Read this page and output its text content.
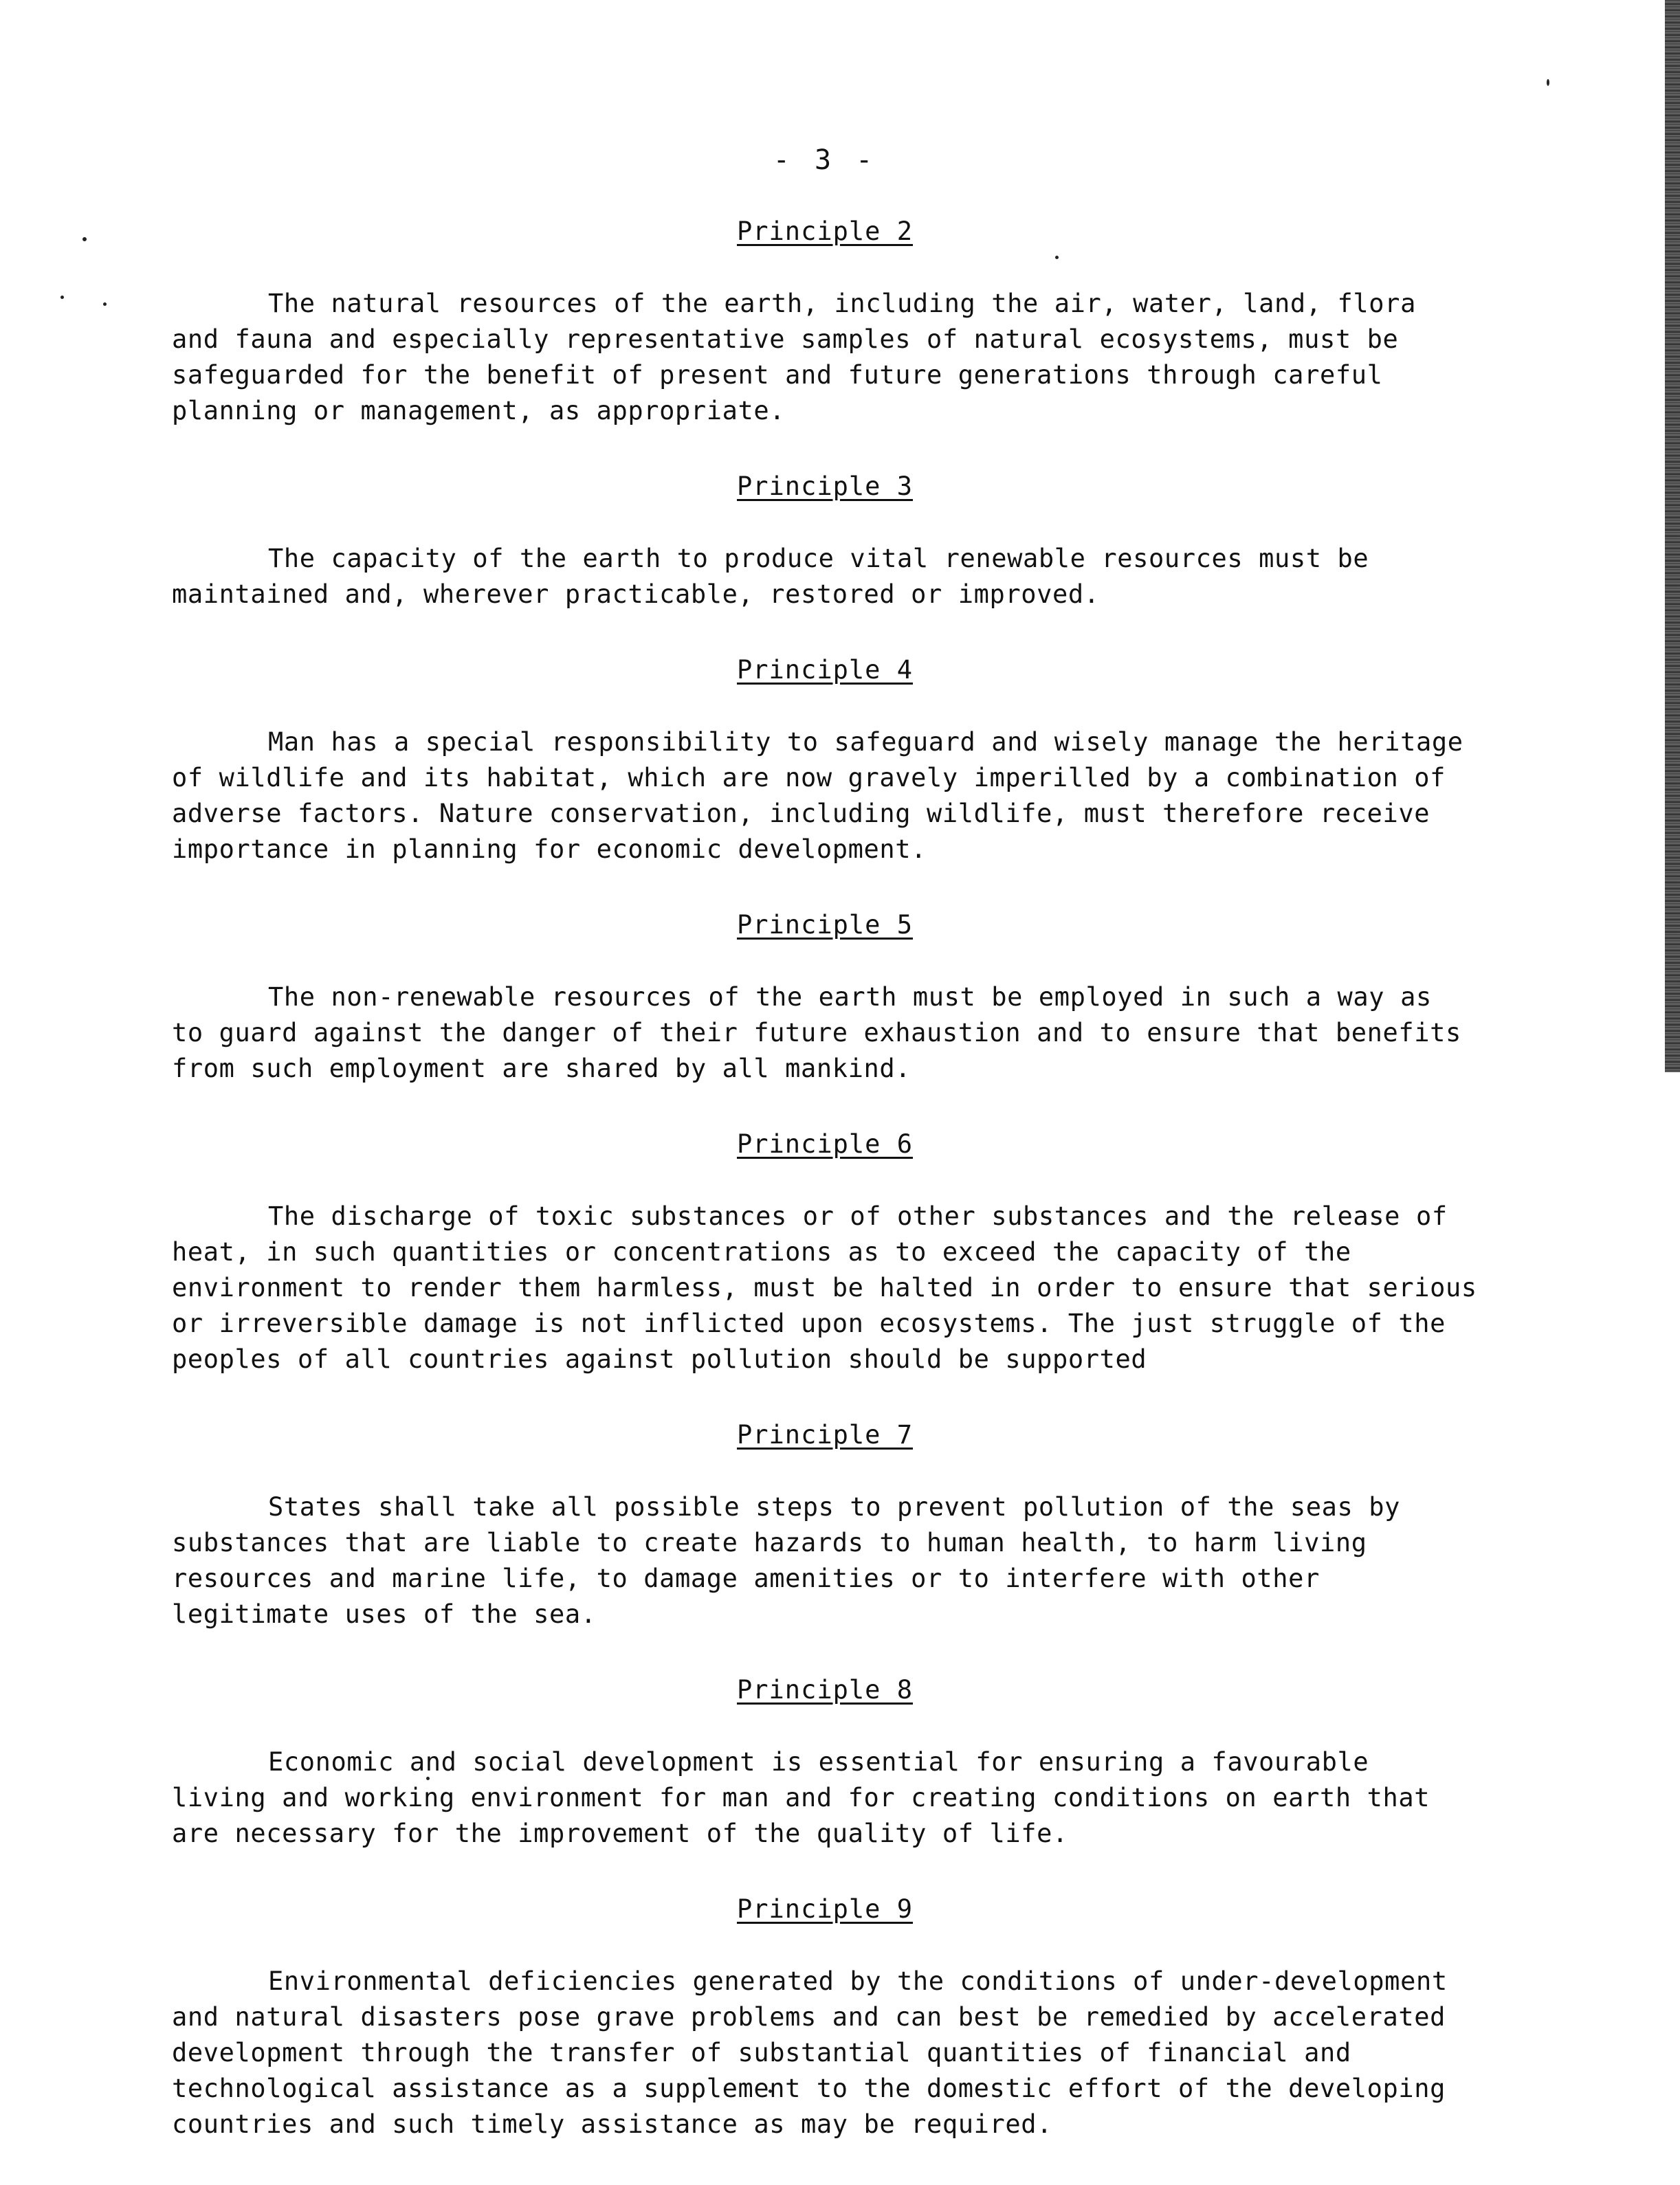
- 3 -
Principle 2

The natural resources of the earth, including the air, water, land, flora and fauna and especially representative samples of natural ecosystems, must be safeguarded for the benefit of present and future generations through careful planning or management, as appropriate.

Principle 3

The capacity of the earth to produce vital renewable resources must be maintained and, wherever practicable, restored or improved.

Principle 4

Man has a special responsibility to safeguard and wisely manage the heritage of wildlife and its habitat, which are now gravely imperilled by a combination of adverse factors. Nature conservation, including wildlife, must therefore receive importance in planning for economic development.

Principle 5

The non-renewable resources of the earth must be employed in such a way as to guard against the danger of their future exhaustion and to ensure that benefits from such employment are shared by all mankind.

Principle 6

The discharge of toxic substances or of other substances and the release of heat, in such quantities or concentrations as to exceed the capacity of the environment to render them harmless, must be halted in order to ensure that serious or irreversible damage is not inflicted upon ecosystems. The just struggle of the peoples of all countries against pollution should be supported

Principle 7

States shall take all possible steps to prevent pollution of the seas by substances that are liable to create hazards to human health, to harm living resources and marine life, to damage amenities or to interfere with other legitimate uses of the sea.

Principle 8

Economic and social development is essential for ensuring a favourable living and working environment for man and for creating conditions on earth that are necessary for the improvement of the quality of life.

Principle 9

Environmental deficiencies generated by the conditions of under-development and natural disasters pose grave problems and can best be remedied by accelerated development through the transfer of substantial quantities of financial and technological assistance as a supplement to the domestic effort of the developing countries and such timely assistance as may be required.
